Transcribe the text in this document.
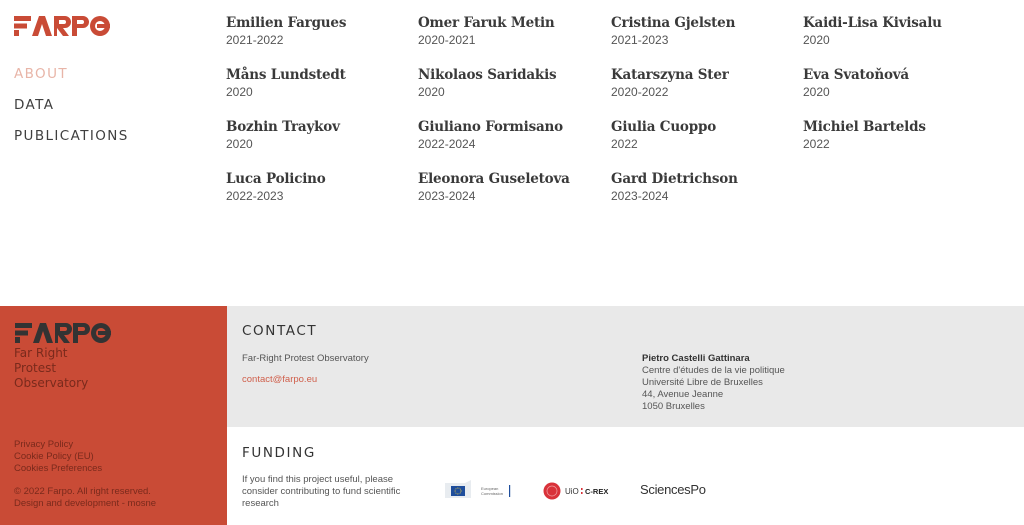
ABOUT
DATA
PUBLICATIONS
Emilien Fargues
2021-2022
Omer Faruk Metin
2020-2021
Cristina Gjelsten
2021-2023
Kaidi-Lisa Kivisalu
2020
Måns Lundstedt
2020
Nikolaos Saridakis
2020
Katarszyna Ster
2020-2022
Eva Svatoňová
2020
Bozhin Traykov
2020
Giuliano Formisano
2022-2024
Giulia Cuoppo
2022
Michiel Bartelds
2022
Luca Policino
2022-2023
Eleonora Guseletova
2023-2024
Gard Dietrichson
2023-2024
Far Right
Protest
Observatory
Privacy Policy
Cookie Policy (EU)
Cookies Preferences
© 2022 Farpo. All right reserved.
Design and development - mosne
CONTACT
Far-Right Protest Observatory
contact@farpo.eu
Pietro Castelli Gattinara
Centre d'études de la vie politique
Université Libre de Bruxelles
44, Avenue Jeanne
1050 Bruxelles
FUNDING
If you find this project useful, please consider contributing to fund scientific research
European
Commission	UiO C-REX SciencesPo
